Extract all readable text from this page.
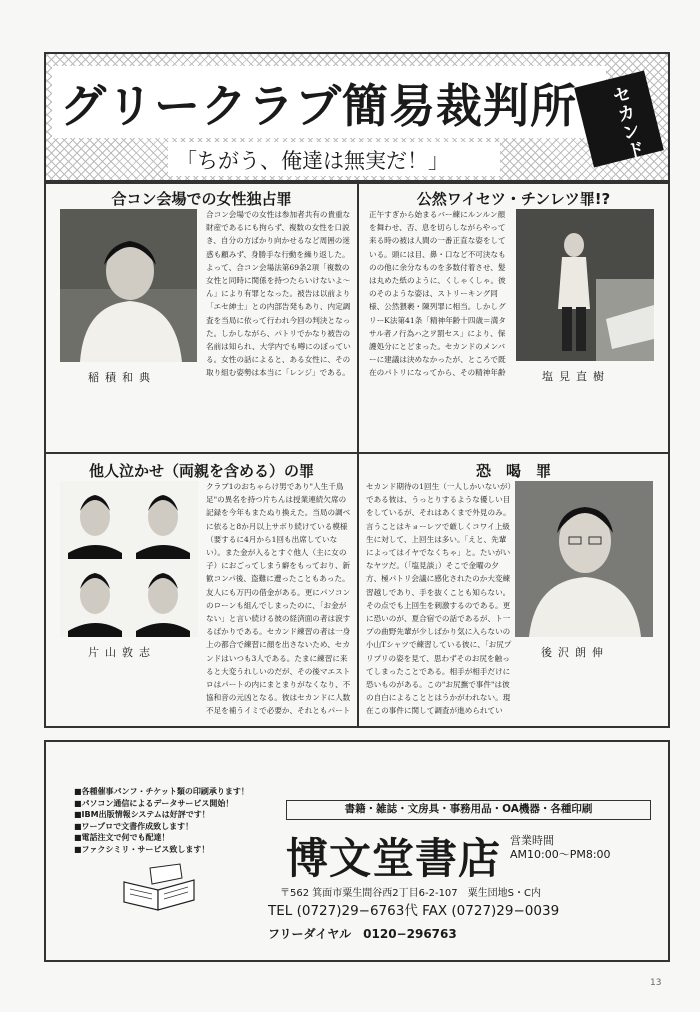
グリークラブ簡易裁判所
「ちがう、俺達は無実だ！」	セカンド
合コン会場での女性独占罪
稲積和典
合コン会場での女性は参加者共有の貴重な財産であるにも拘らず、複数の女性を口説き、自分の方ばかり向かせるなど周囲の迷惑も顧みず、身勝手な行動を繰り返した。よって、合コン会場法第69条2項「複数の女性と同時に関係を持つたらいけないよ～ん」により有罪となった。被告は以前より「エセ紳士」との内部告発もあり、内定調査を当局に依って行われ今回の判決となった。しかしながら、パトリでかなり被告の名前は知られ、大学内でも噂にのぼっている。女性の話によると、ある女性に、その取り組む姿勢は本当に「レンジ」である。
公然ワイセツ・チンレツ罪!?
塩見直樹
正午すぎから始まるバー練にルンルン顔を舞わせ、否、息を切らしながらやって来る時の被は人間の一番正直な姿をしている。頭には目、鼻・口など不可決なものの他に余分なものを多数付着させ、髪は丸めた紙のように、くしゃくしゃ。彼のそのような姿は、ストリーキング同様、公然猥褻・陳列罪に相当。しかしグリーK法第41条「精神年齢十四歳＝満タサル者ノ行為ハ之ヲ罰セス」により、保護処分にとどまった。セカンドのメンバーに建議は決めなかったが、ところで既在のパトリになってから、その精神年齢
他人泣かせ（両親を含める）の罪
片山敦志
クラブ1のおちゃらけ男であり"人生千鳥足"の異名を持つ片ちんは授業連続欠席の記録を今年もまたぬり換えた。当局の調べに依ると8か月以上サボり続けている模様（要するに4月から1回も出席していない）。また金が入るとすぐ他人（主に女の子）におごってしまう癖をもっており、新歓コンパ後、盗難に遭ったこともあった。友人にも万円の借金がある。更にパソコンのローンも組んでしまったのに、「お金がない」と言い続ける彼の経済面の者は涙するばかりである。セカンド練習の者は一身上の都合で練習に顔を出さないため、セカンドはいつも3人である。たまに練習に来ると大変うれしいのだが、その後マエストロはパートの内にまとまりがなくなり、不協和音の元凶となる。彼はセカンドに人数不足を補うイミで必要か、それともパート
恐　喝　罪
後沢朗伸
セカンド期待の1回生（一人しかいないが）である彼は、うっとりするような優しい目をしているが、それはあくまで外見のみ。言うことはキョーレツで厳しくコワイ上級生に対して、上回生は多い。「えと、先輩によってはイヤでなくちゃ」と。たいがいなヤツだ。（「塩見談」）そこで金曜の夕方、極パトリ会議に感化されたのか大変練習越しであり、手を抜くことも知らない。その点でも上回生を刺激するのである。更に恐いのが、夏合宿での話であるが、ト一プの曲野先輩が少しばかり気に入らないの小山Tシャツで練習している彼に、「お尻プリプリの姿を見て、思わずそのお尻を触ってしまったことである。相手が相手だけに恐いものがある。この"お尻撫で事件"は彼の自白によることとはうかがわれない。現在この事件に関して調査が進められてい
■各種催事パンフ・チケット類の印刷承ります！
■パソコン通信によるデータサービス開始！
■IBM出版情報システムは好評です！
■ワープロで文書作成致します！
■電話注文で何でも配達！
■ファクシミリ・サービス致します！
書籍・雑誌・文房具・事務用品・OA機器・各種印刷
博文堂書店 営業時間
AM10:00〜PM8:00
〒562 箕面市粟生間谷西2丁目6-2-107　粟生団地S・C内
TEL (0727)29−6763代 FAX (0727)29−0039
フリーダイヤル　0120−296763
13
